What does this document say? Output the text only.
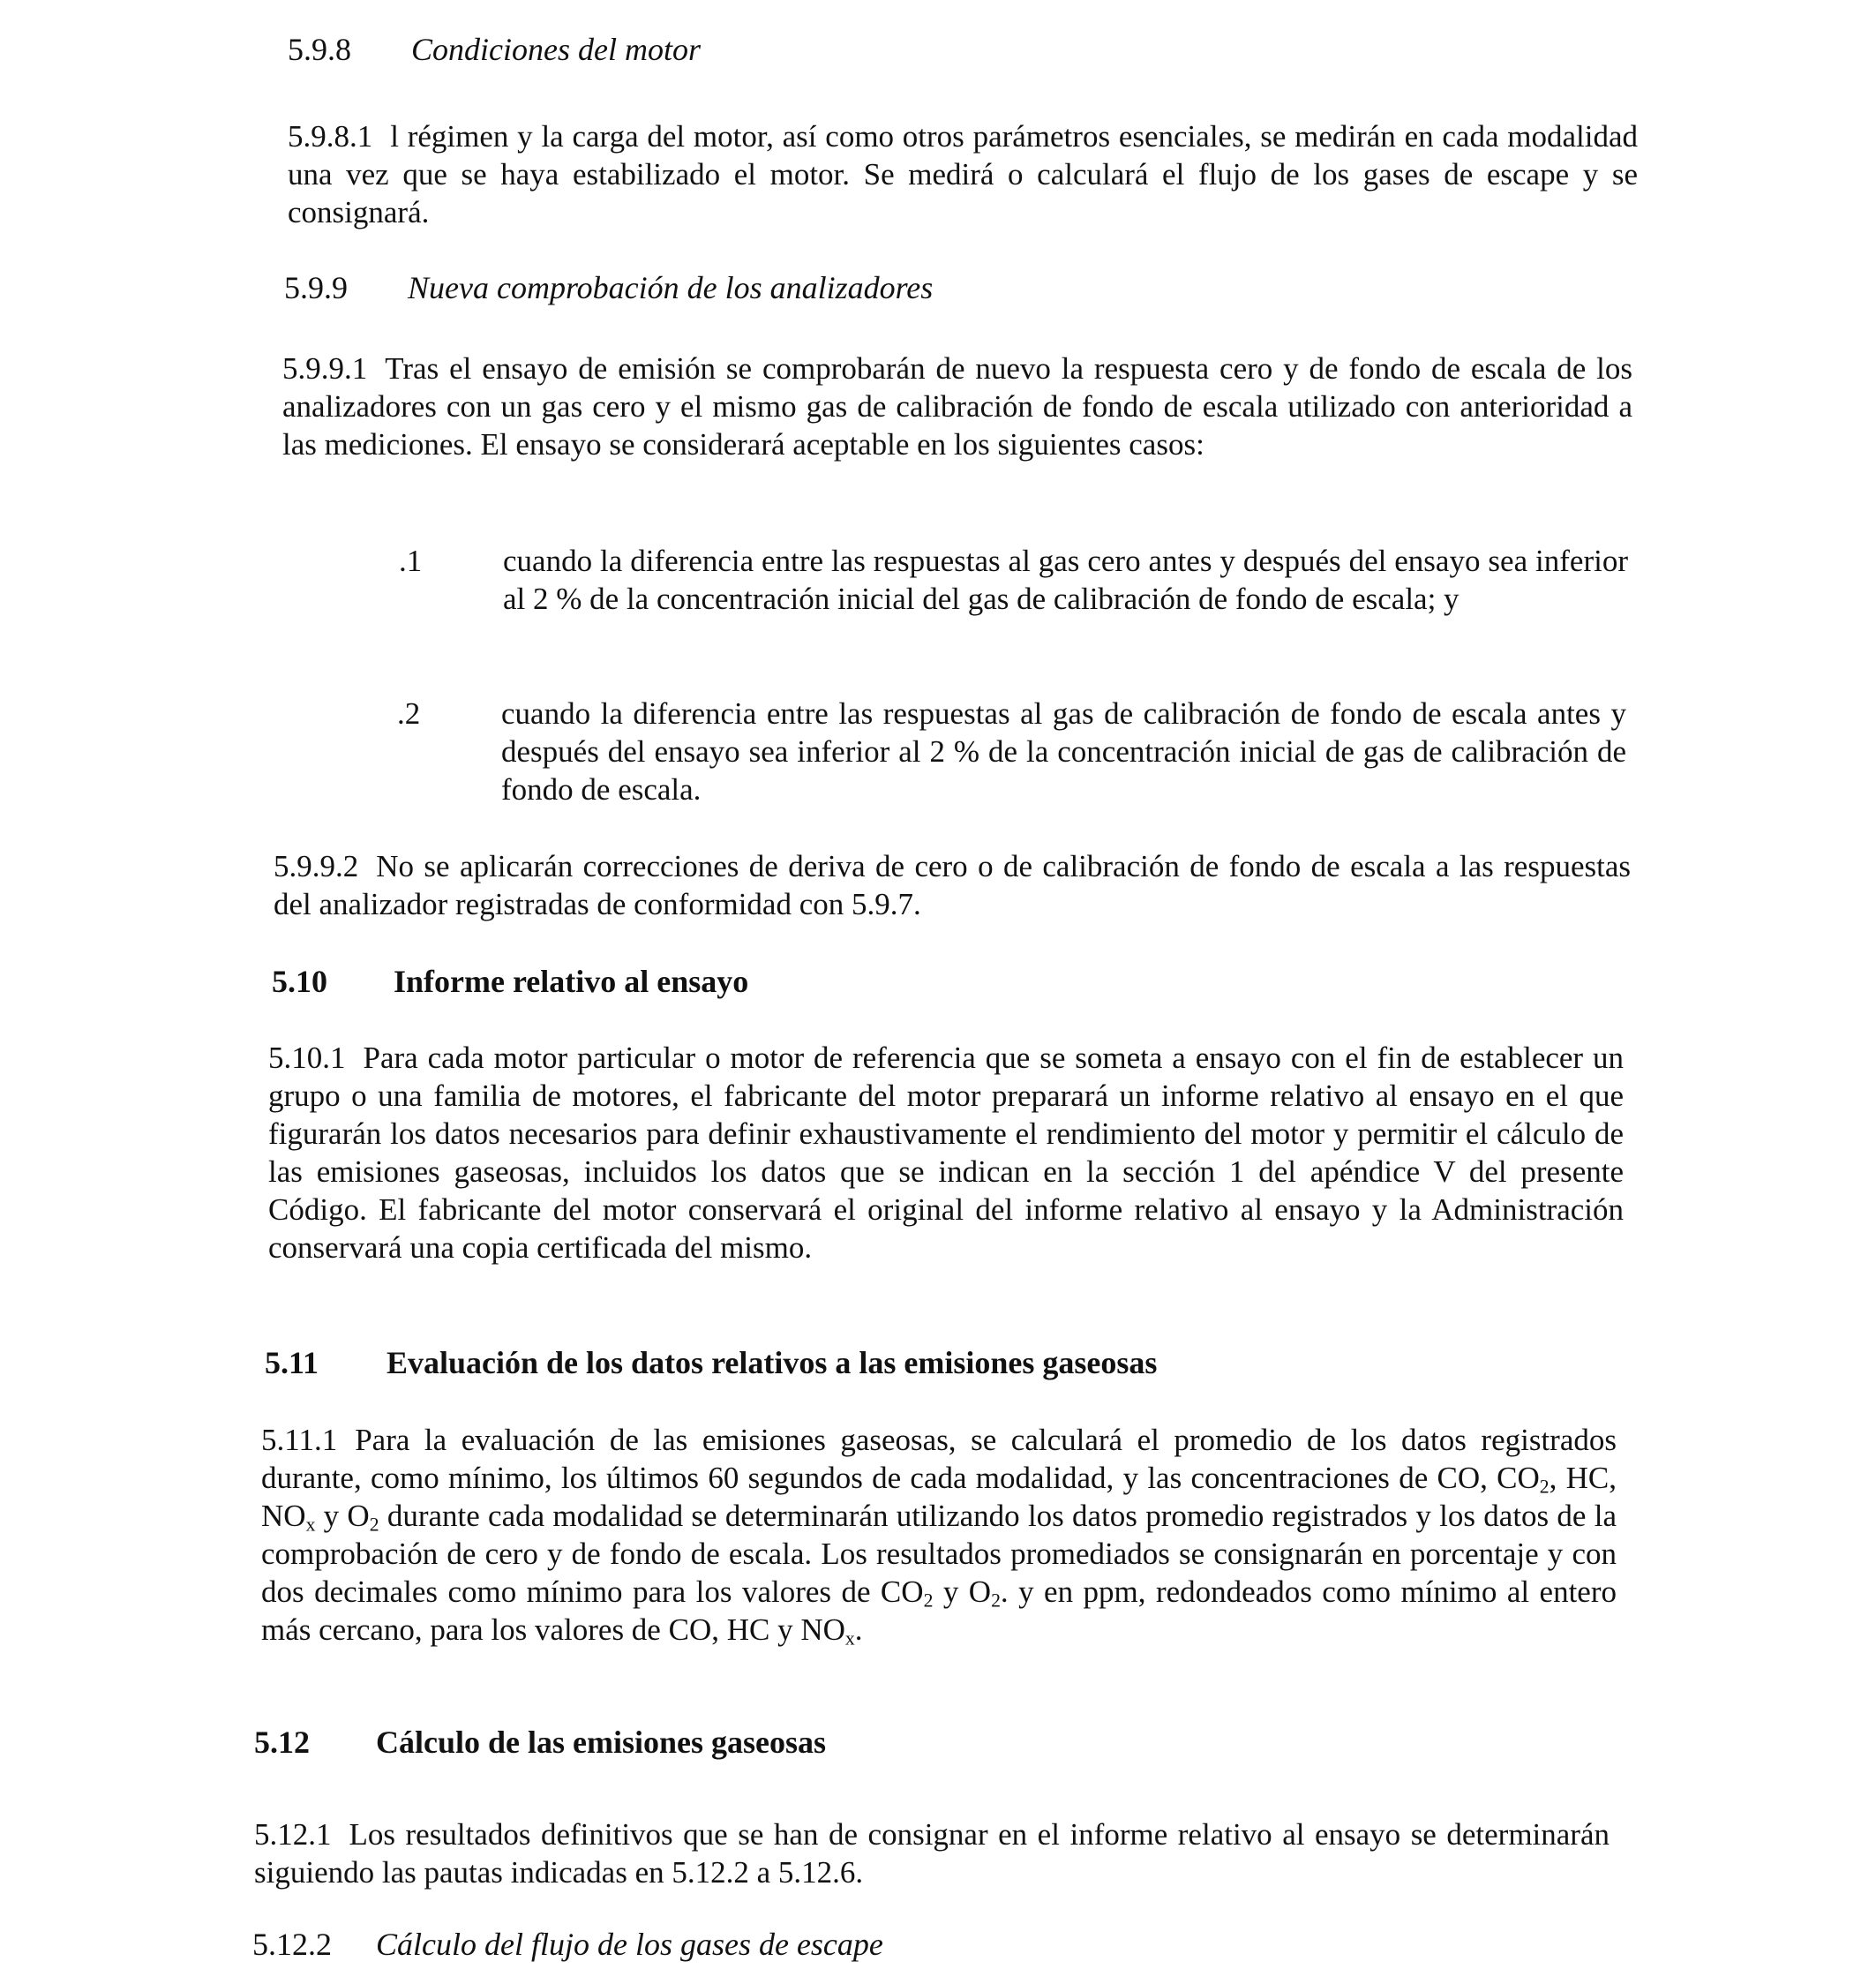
5.9.8 Condiciones del motor
5.9.8.1 l régimen y la carga del motor, así como otros parámetros esenciales, se medirán en cada modalidad una vez que se haya estabilizado el motor. Se medirá o calculará el flujo de los gases de escape y se consignará.
5.9.9 Nueva comprobación de los analizadores
5.9.9.1 Tras el ensayo de emisión se comprobarán de nuevo la respuesta cero y de fondo de escala de los analizadores con un gas cero y el mismo gas de calibración de fondo de escala utilizado con anterioridad a las mediciones. El ensayo se considerará aceptable en los siguientes casos:
.1	cuando la diferencia entre las respuestas al gas cero antes y después del ensayo sea inferior al 2 % de la concentración inicial del gas de calibración de fondo de escala; y
.2	cuando la diferencia entre las respuestas al gas de calibración de fondo de escala antes y después del ensayo sea inferior al 2 % de la concentración inicial de gas de calibración de fondo de escala.
5.9.9.2 No se aplicarán correcciones de deriva de cero o de calibración de fondo de escala a las respuestas del analizador registradas de conformidad con 5.9.7.
5.10 Informe relativo al ensayo
5.10.1 Para cada motor particular o motor de referencia que se someta a ensayo con el fin de establecer un grupo o una familia de motores, el fabricante del motor preparará un informe relativo al ensayo en el que figurarán los datos necesarios para definir exhaustivamente el rendimiento del motor y permitir el cálculo de las emisiones gaseosas, incluidos los datos que se indican en la sección 1 del apéndice V del presente Código. El fabricante del motor conservará el original del informe relativo al ensayo y la Administración conservará una copia certificada del mismo.
5.11 Evaluación de los datos relativos a las emisiones gaseosas
5.11.1 Para la evaluación de las emisiones gaseosas, se calculará el promedio de los datos registrados durante, como mínimo, los últimos 60 segundos de cada modalidad, y las concentraciones de CO, $CO_2$, HC, $NO_x$ y $O_2$ durante cada modalidad se determinarán utilizando los datos promedio registrados y los datos de la comprobación de cero y de fondo de escala. Los resultados promediados se consignarán en porcentaje y con dos decimales como mínimo para los valores de $CO_2$ y $O_2$. y en ppm, redondeados como mínimo al entero más cercano, para los valores de CO, HC y $NO_x$.
5.12 Cálculo de las emisiones gaseosas
5.12.1 Los resultados definitivos que se han de consignar en el informe relativo al ensayo se determinarán siguiendo las pautas indicadas en 5.12.2 a 5.12.6.
5.12.2 Cálculo del flujo de los gases de escape
